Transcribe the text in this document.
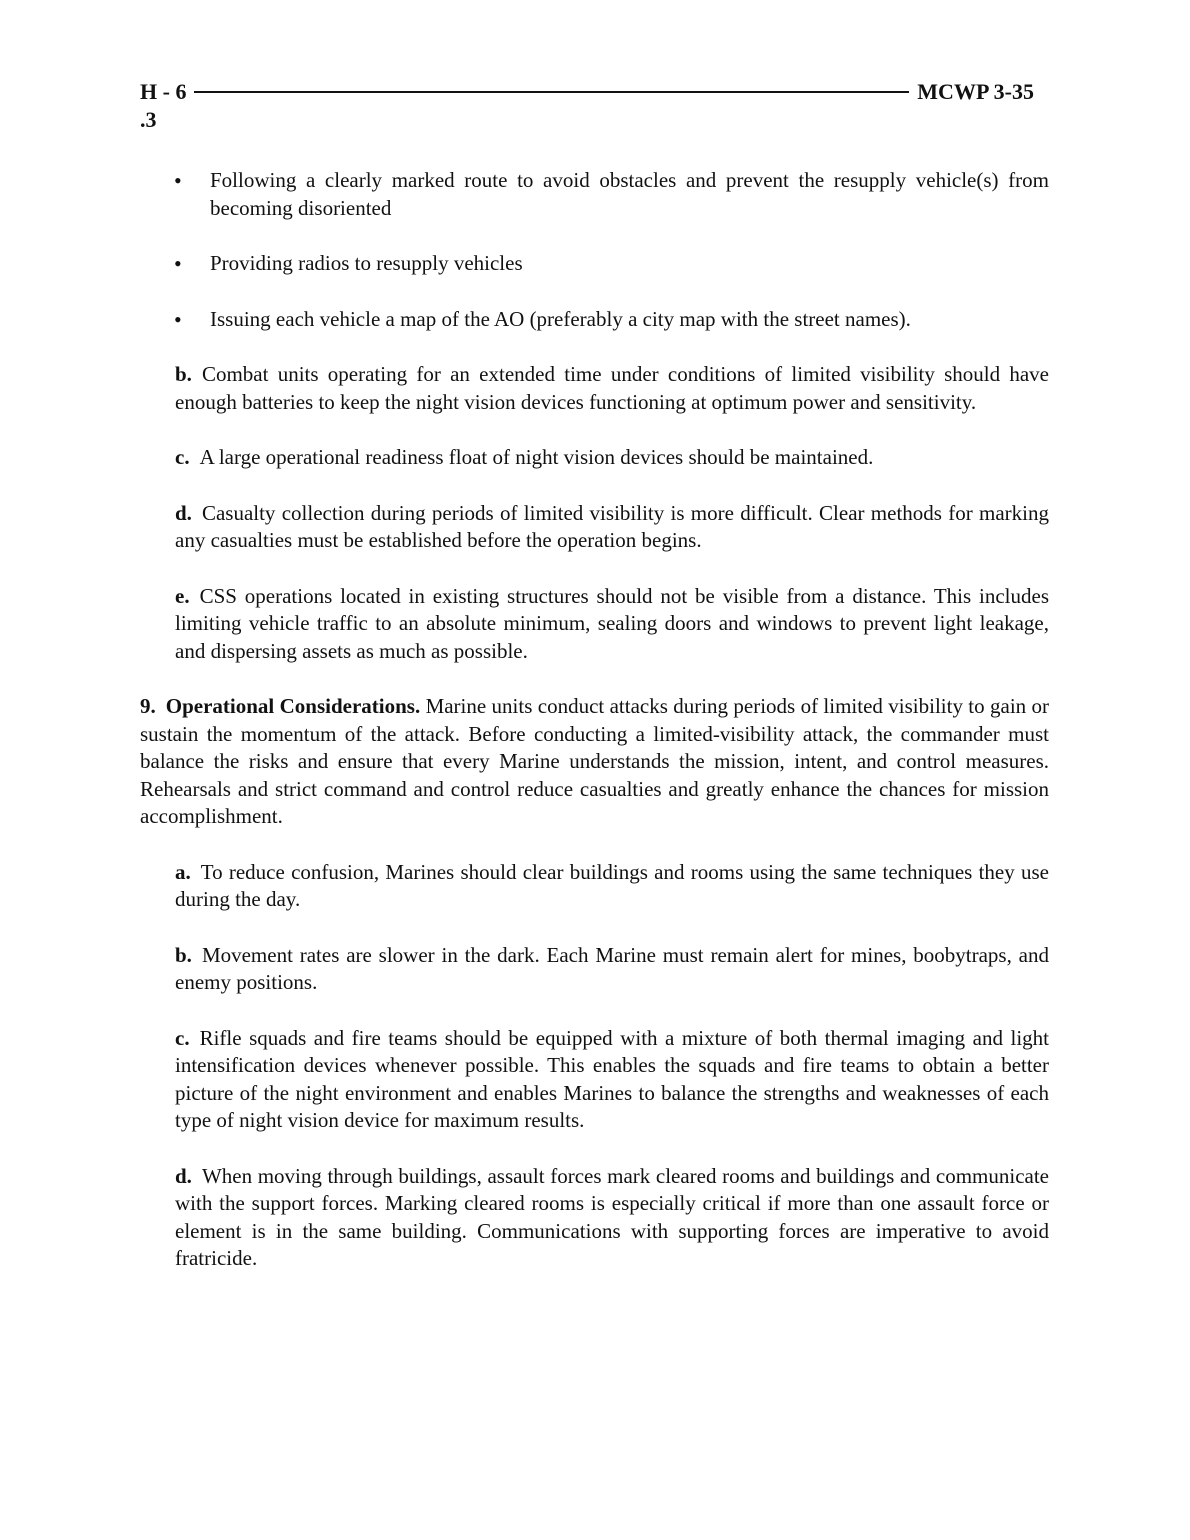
H - 6	MCWP 3-35
.3
• Following a clearly marked route to avoid obstacles and prevent the resupply vehicle(s) from becoming disoriented
• Providing radios to resupply vehicles
• Issuing each vehicle a map of the AO (preferably a city map with the street names).
b. Combat units operating for an extended time under conditions of limited visibility should have enough batteries to keep the night vision devices functioning at optimum power and sensitivity.
c. A large operational readiness float of night vision devices should be maintained.
d. Casualty collection during periods of limited visibility is more difficult. Clear methods for marking any casualties must be established before the operation begins.
e. CSS operations located in existing structures should not be visible from a distance. This includes limiting vehicle traffic to an absolute minimum, sealing doors and windows to prevent light leakage, and dispersing assets as much as possible.
9. Operational Considerations. Marine units conduct attacks during periods of limited visibility to gain or sustain the momentum of the attack. Before conducting a limited-visibility attack, the commander must balance the risks and ensure that every Marine understands the mission, intent, and control measures. Rehearsals and strict command and control reduce casualties and greatly enhance the chances for mission accomplishment.
a. To reduce confusion, Marines should clear buildings and rooms using the same techniques they use during the day.
b. Movement rates are slower in the dark. Each Marine must remain alert for mines, boobytraps, and enemy positions.
c. Rifle squads and fire teams should be equipped with a mixture of both thermal imaging and light intensification devices whenever possible. This enables the squads and fire teams to obtain a better picture of the night environment and enables Marines to balance the strengths and weaknesses of each type of night vision device for maximum results.
d. When moving through buildings, assault forces mark cleared rooms and buildings and communicate with the support forces. Marking cleared rooms is especially critical if more than one assault force or element is in the same building. Communications with supporting forces are imperative to avoid fratricide.
